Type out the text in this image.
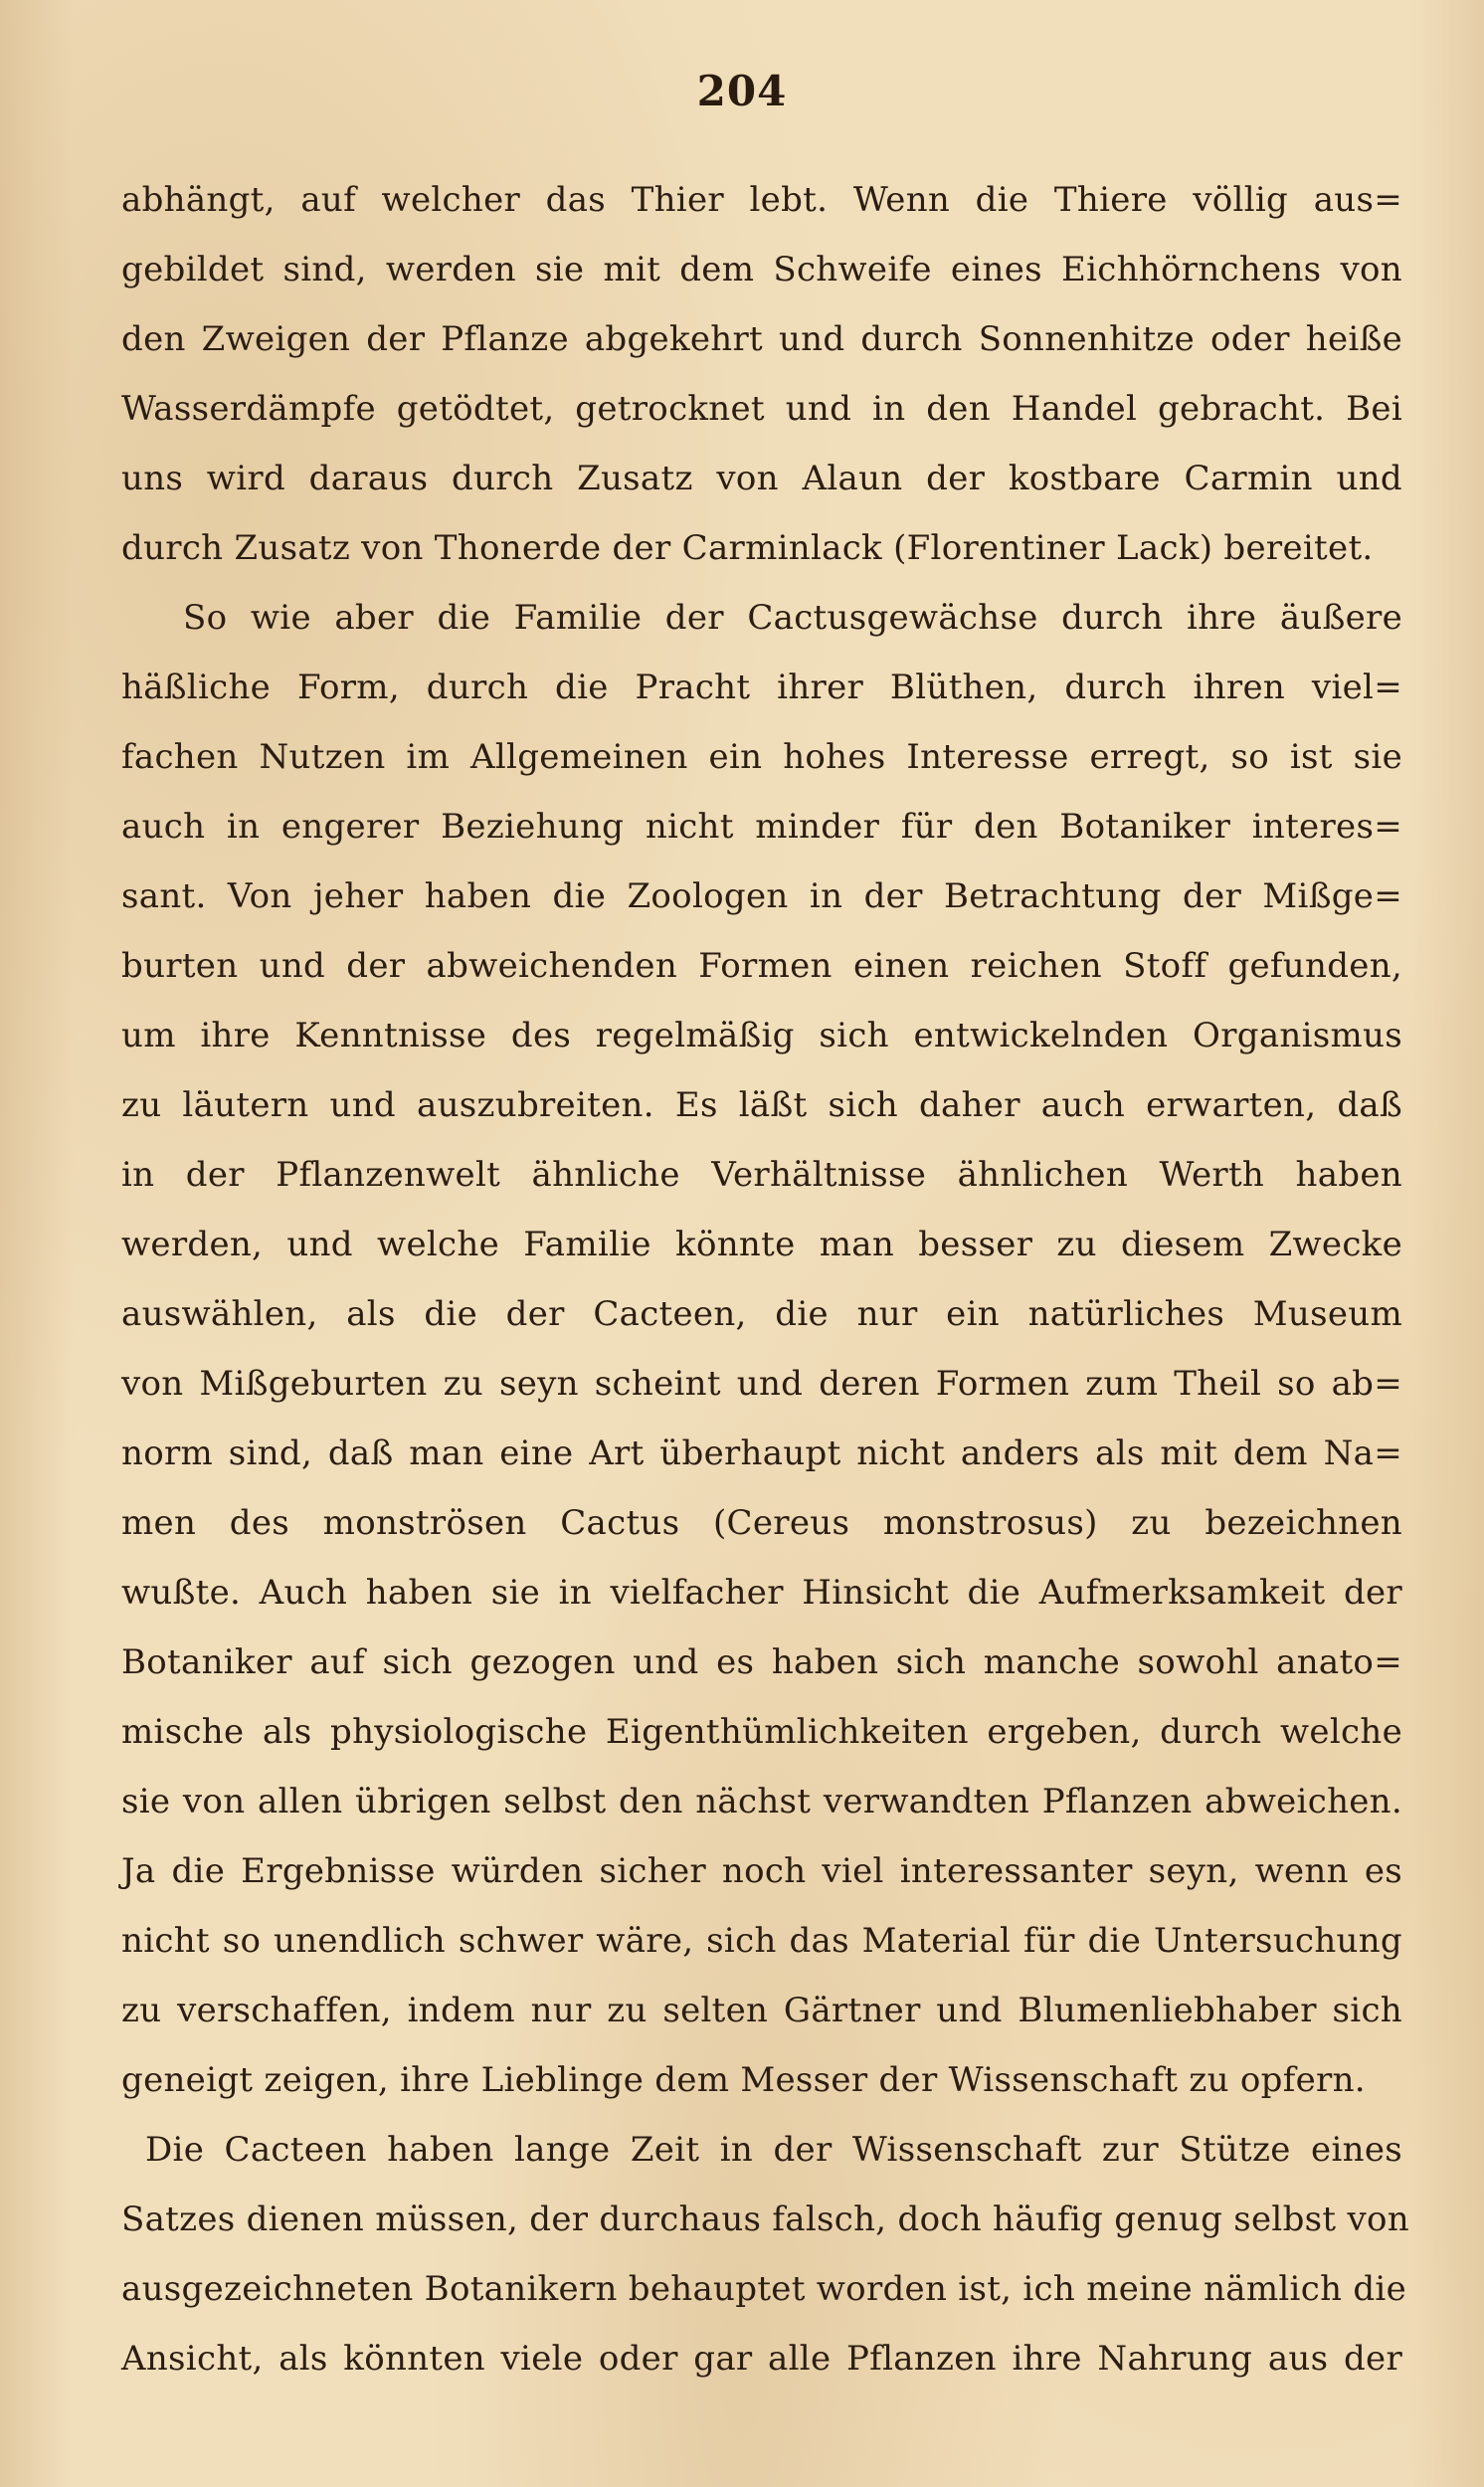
204
abhängt, auf welcher das Thier lebt. Wenn die Thiere völlig aus=
gebildet sind, werden sie mit dem Schweife eines Eichhörnchens von
den Zweigen der Pflanze abgekehrt und durch Sonnenhitze oder heiße
Wasserdämpfe getödtet, getrocknet und in den Handel gebracht. Bei
uns wird daraus durch Zusatz von Alaun der kostbare Carmin und
durch Zusatz von Thonerde der Carminlack (Florentiner Lack) bereitet.
So wie aber die Familie der Cactusgewächse durch ihre äußere
häßliche Form, durch die Pracht ihrer Blüthen, durch ihren viel=
fachen Nutzen im Allgemeinen ein hohes Interesse erregt, so ist sie
auch in engerer Beziehung nicht minder für den Botaniker interes=
sant. Von jeher haben die Zoologen in der Betrachtung der Mißge=
burten und der abweichenden Formen einen reichen Stoff gefunden,
um ihre Kenntnisse des regelmäßig sich entwickelnden Organismus
zu läutern und auszubreiten. Es läßt sich daher auch erwarten, daß
in der Pflanzenwelt ähnliche Verhältnisse ähnlichen Werth haben
werden, und welche Familie könnte man besser zu diesem Zwecke
auswählen, als die der Cacteen, die nur ein natürliches Museum
von Mißgeburten zu seyn scheint und deren Formen zum Theil so ab=
norm sind, daß man eine Art überhaupt nicht anders als mit dem Na=
men des monströsen Cactus (Cereus monstrosus) zu bezeichnen
wußte. Auch haben sie in vielfacher Hinsicht die Aufmerksamkeit der
Botaniker auf sich gezogen und es haben sich manche sowohl anato=
mische als physiologische Eigenthümlichkeiten ergeben, durch welche
sie von allen übrigen selbst den nächst verwandten Pflanzen abweichen.
Ja die Ergebnisse würden sicher noch viel interessanter seyn, wenn es
nicht so unendlich schwer wäre, sich das Material für die Untersuchung
zu verschaffen, indem nur zu selten Gärtner und Blumenliebhaber sich
geneigt zeigen, ihre Lieblinge dem Messer der Wissenschaft zu opfern.
Die Cacteen haben lange Zeit in der Wissenschaft zur Stütze eines
Satzes dienen müssen, der durchaus falsch, doch häufig genug selbst von
ausgezeichneten Botanikern behauptet worden ist, ich meine nämlich die
Ansicht, als könnten viele oder gar alle Pflanzen ihre Nahrung aus der
